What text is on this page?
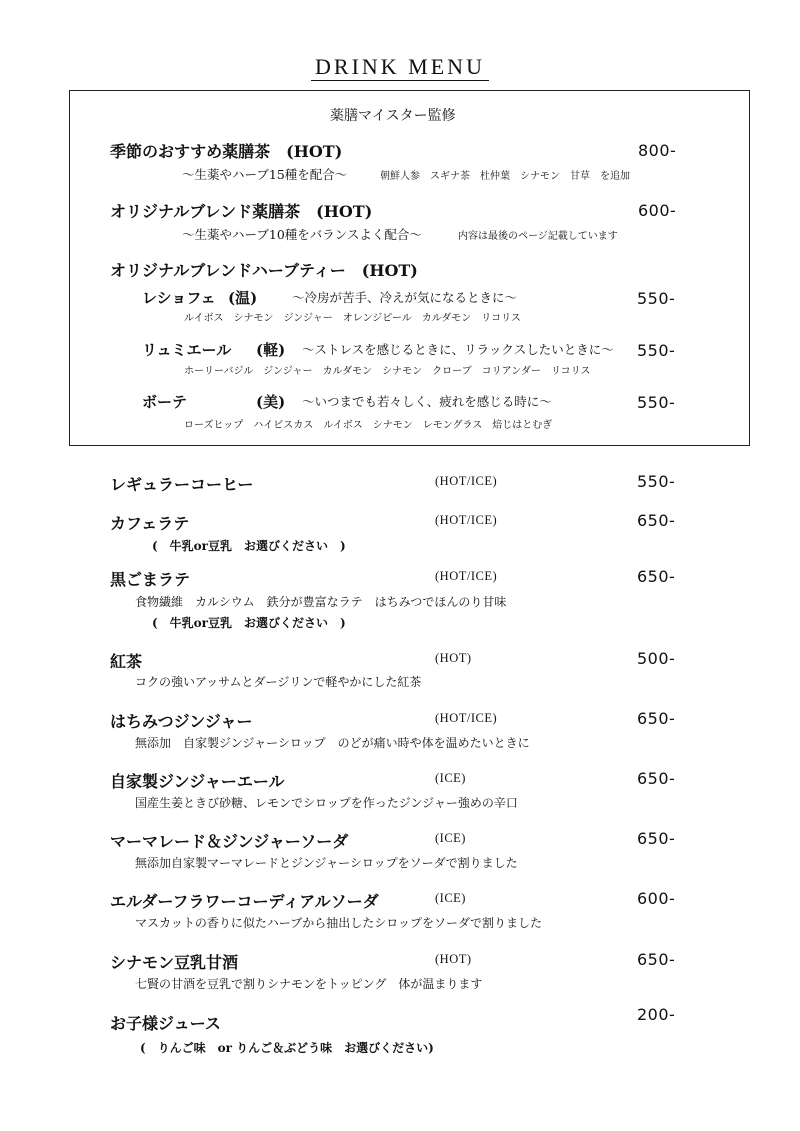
DRINK MENU
薬膳マイスター監修
季節のおすすめ薬膳茶　(HOT)	800-
～生薬やハーブ15種を配合～	朝鮮人参　スギナ茶　杜仲葉　シナモン　甘草　を追加
オリジナルブレンド薬膳茶　(HOT)	600-
～生薬やハーブ10種をバランスよく配合～	内容は最後のページ記載しています
オリジナルブレンドハーブティー　(HOT)
レショフェ (温)	～冷房が苦手、冷えが気になるときに～	550-
ルイボス　シナモン　ジンジャー　オレンジピール　カルダモン　リコリス
リュミエール (軽) ～ストレスを感じるときに、リラックスしたいときに～ 550-
ホーリーバジル　ジンジャー　カルダモン　シナモン　クローブ　コリアンダー　リコリス
ボーテ	(美) ～いつまでも若々しく、疲れを感じる時に～	550-
ローズヒップ　ハイビスカス　ルイボス　シナモン　レモングラス　焙じはとむぎ
レギュラーコーヒー	(HOT/ICE)	550-
カフェラテ	(HOT/ICE)	650-
(　牛乳or豆乳　お選びください　)
黒ごまラテ	(HOT/ICE)	650-
食物繊維　カルシウム　鉄分が豊富なラテ　はちみつでほんのり甘味
(　牛乳or豆乳　お選びください　)
紅茶	(HOT)	500-
コクの強いアッサムとダージリンで軽やかにした紅茶
はちみつジンジャー	(HOT/ICE)	650-
無添加　自家製ジンジャーシロップ　のどが痛い時や体を温めたいときに
自家製ジンジャーエール	(ICE)	650-
国産生姜ときび砂糖、レモンでシロップを作ったジンジャー強めの辛口
マーマレード＆ジンジャーソーダ	(ICE)	650-
無添加自家製マーマレードとジンジャーシロップをソーダで割りました
エルダーフラワーコーディアルソーダ	(ICE)	600-
マスカットの香りに似たハーブから抽出したシロップをソーダで割りました
シナモン豆乳甘酒	(HOT)	650-
七賢の甘酒を豆乳で割りシナモンをトッピング　体が温まります
お子様ジュース	200-
(　りんご味　or りんご＆ぶどう味　お選びください)
